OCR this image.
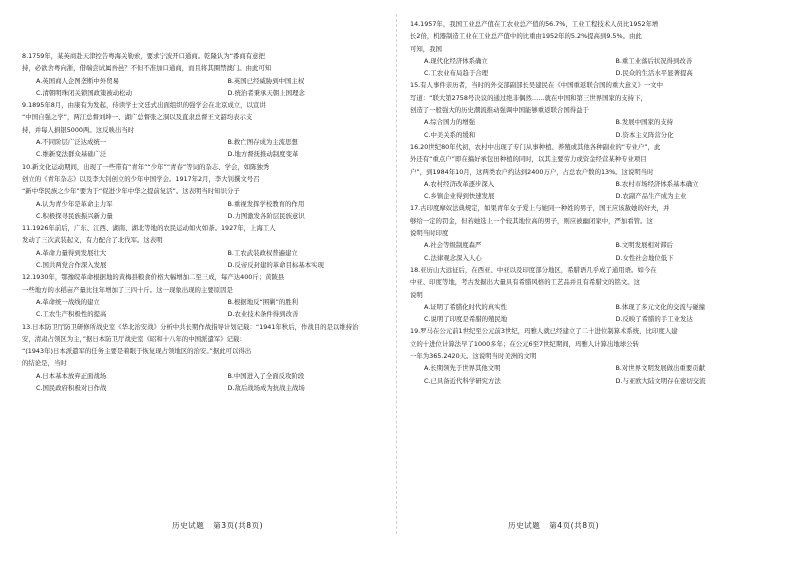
8.1759年，某英商赴天津控告粤海关勒索，要求宁波开口通商。乾隆认为“番商有意把

持，必欲舍粤向浙，借端尝试属吾邑？不但不准加口通商，而且将其圈禁澳门。由此可知

A.英国商人企图垄断中外贸易	B.英国已经威胁到中国主权
C.清朝明珠闭关锁国政策被动松动	D.统治者秉承天朝上国理念

9.1895年8月，由康有为发起，侍读学士文廷式出面组织的强学会在北京成立，以宣讲

“中国自强之学”，两江总督刘坤一、湖广总督张之洞以及直隶总督王文韶均表示支

持，并每人捐银5000两。这反映出当时

A.不同阶层广泛达成统一	B.救亡图存成为主流思想
C.维新变法群众基础广泛	D.地方督抚推动制度变革

10.新文化运动期间，出现了一些带有“青年”“少年”“青春”等词的杂志、学会，如陈独秀

创立的《青年杂志》以及李大钊创立的少年中国学会。1917年2月，李大钊撰文号召

“新中华民族之少年”要为于“促进少年中华之提前复活”。这表明当时知识分子

A.认为青少年是革命主力军	B.重视发挥学校教育的作用
C.积极探寻民族振兴新力量	D.力图激发各阶层民族意识

11.1926年前后，广东、江西、湖南、湖北等地的农民运动如火如荼。1927年，上海工人

发动了三次武装起义，有力配合了北伐军。这表明

A.革命力量得到发展壮大	B.工农武装政权普遍建立
C.国共两党合作深入发展	D.反帝反封建的革命目标基本实现

12.1930年，鄂豫皖革命根据地的黄梅县粮食价格大幅增加二至三成，每产达400斤；黄陂县

一些地方的水稻亩产量比往年增加了三四十斤。这一现象出现的主要原因是

A.革命统一战线的建立	B.根据地反“围剿”的胜利
C.工农生产积极性的提高	D.农业技术条件得到改善

13.日本防卫厅防卫研修所战史室《华北治安战》分析中共长期作战指导计划记载：“1941年秋后，作战目的是以维持治

安，清肃占领区为主，”据日本防卫厅战史室《昭和十八年的中国派遣军》记载：

“(1943年)日本派遣军的任务主要是着眼于恢复现占领地区的治安。”据此可以得出

的结论是，当时

A.日本基本放弃正面战场	B.中国进入了全面反攻阶段
C.国民政府积极对日作战	D.敌后战场成为抗战主战场
历史试题   第3页(共8页)

14.1957年，我国工业总产值在工农业总产值的56.7%，工业工程技术人员比1952年增

长2倍，机器制造工业在工业总产值中的比重由1952年的5.2%提高到9.5%。由此

可知，我国

A.现代化经济体系确立	B.重工业落后状况得到改善
C.工农业布局趋于合理	D.民众的生活水平显著提高

15.有人事件亲历者，当时的外交部副部长吴建民在《中国重返联合国的重大意义》一文中

写道：“联大第2758号决议的通过绝非偶然……就在中国和第三世界国家的支持下，

创造了一般强大的历史潮流推动强调中国能够重返联合国得益于

A.综合国力的增强	B.发展中国家的支持
C.中美关系的缓和	D.资本主义阵营分化

16.20世纪80年代初，农村中出现了专门从事种植、养殖或其他各种副业的“专业户”，此

外还有“重点户”即在搞好承包田种植的同时，以其主要劳力或资金经营某种专业项目

户”，到1984年10月，这两类农户约达到2400万户，占总农户数的13%。这说明当时

A.农村经济改革逐步深入	B.农村市场经济体系基本确立
C.乡镇企业得到快速发展	D.农副产品生产成为主业

17.古印度摩奴法典规定，如果青年女子爱上与她同一种姓的男子，国王应该赦她的奸夫，并

够给一定的罚金，但若她选上一个较其地位高的男子，则应被幽闭家中，严加看管。这

说明当时印度

A.社会等级制度森严	B.文明发展相对滞后
C.法律观念深入人心	D.女性社会地位低下

18.亚历山大远征后，在西亚、中亚以及印度部分地区，希腊语几乎成了通用语。如今在

中亚、印度等地，考古发掘出大量具有希腊风格的工艺品并且有希腊文的铭文。这

说明

A.证明了希腊化时代的真实性	B.体现了多元文化的交流与碰撞
C.说明了印度是希腊的殖民地	D.反映了希腊的手工业发达

19.罗马在公元前1世纪至公元前3世纪，玛雅人就已经建立了二十进位制算术系统，比印度人建

立的十进位计算法早了1000多年；在公元6至7世纪期间，玛雅人计算出地球公转

一年为365.2420天。这说明当时美洲的文明

A.长期领先于世界其他文明	B.对世界文明发展做出重要贡献
C.已具备近代科学研究方法	D.与亚欧大陆文明存在密切交流
历史试题   第4页(共8页)
